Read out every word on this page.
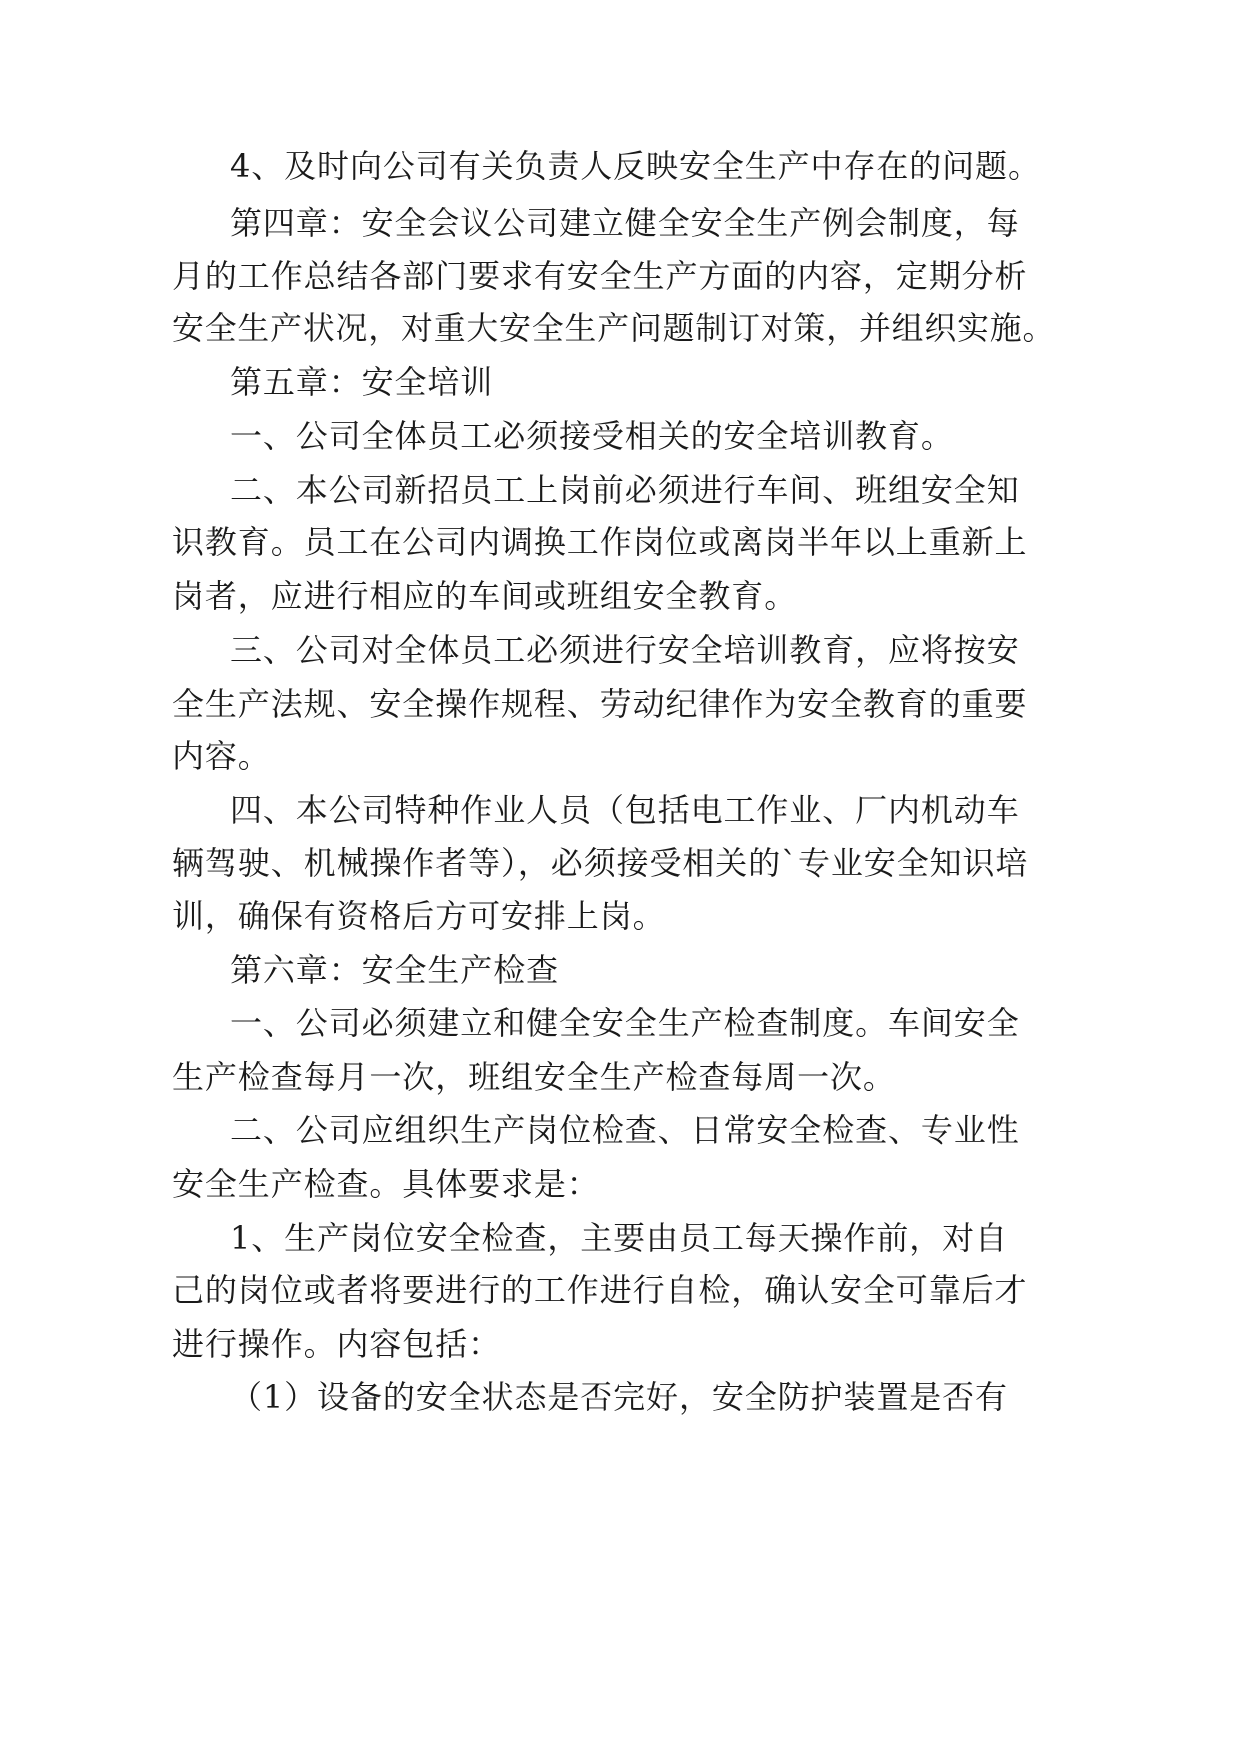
4、及时向公司有关负责人反映安全生产中存在的问题。
第四章：安全会议公司建立健全安全生产例会制度，每
月的工作总结各部门要求有安全生产方面的内容，定期分析
安全生产状况，对重大安全生产问题制订对策，并组织实施。
第五章：安全培训
一、公司全体员工必须接受相关的安全培训教育。
二、本公司新招员工上岗前必须进行车间、班组安全知
识教育。员工在公司内调换工作岗位或离岗半年以上重新上
岗者，应进行相应的车间或班组安全教育。
三、公司对全体员工必须进行安全培训教育，应将按安
全生产法规、安全操作规程、劳动纪律作为安全教育的重要
内容。
四、本公司特种作业人员（包括电工作业、厂内机动车
辆驾驶、机械操作者等），必须接受相关的`专业安全知识培
训，确保有资格后方可安排上岗。
第六章：安全生产检查
一、公司必须建立和健全安全生产检查制度。车间安全
生产检查每月一次，班组安全生产检查每周一次。
二、公司应组织生产岗位检查、日常安全检查、专业性
安全生产检查。具体要求是：
1、生产岗位安全检查，主要由员工每天操作前，对自
己的岗位或者将要进行的工作进行自检，确认安全可靠后才
进行操作。内容包括：
（1）设备的安全状态是否完好，安全防护装置是否有
